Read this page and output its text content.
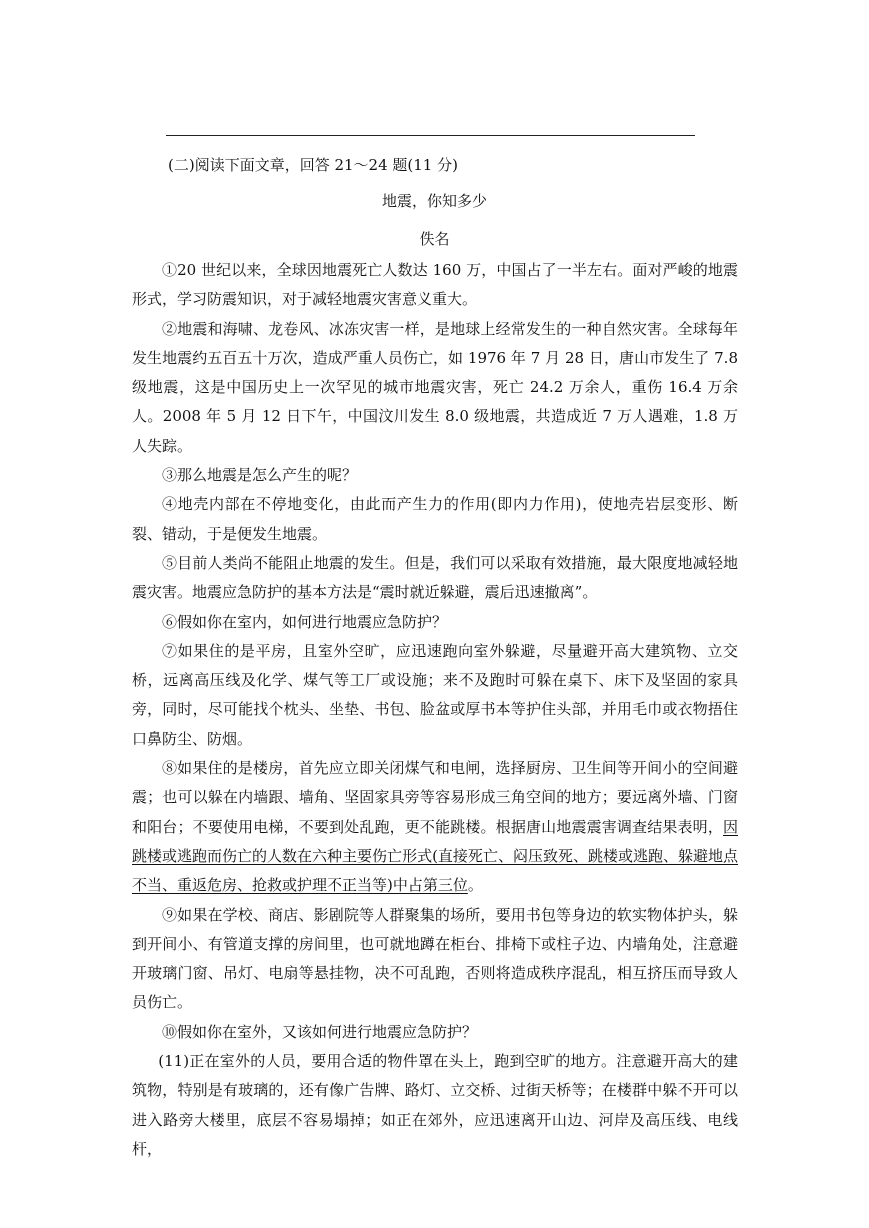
(二)阅读下面文章，回答 21～24 题(11 分)
地震，你知多少
佚名

①20 世纪以来，全球因地震死亡人数达 160 万，中国占了一半左右。面对严峻的地震形式，学习防震知识，对于减轻地震灾害意义重大。

②地震和海啸、龙卷风、冰冻灾害一样，是地球上经常发生的一种自然灾害。全球每年发生地震约五百五十万次，造成严重人员伤亡，如 1976 年 7 月 28 日，唐山市发生了 7.8 级地震，这是中国历史上一次罕见的城市地震灾害，死亡 24.2 万余人，重伤 16.4 万余人。2008 年 5 月 12 日下午，中国汶川发生 8.0 级地震，共造成近 7 万人遇难，1.8 万人失踪。

③那么地震是怎么产生的呢？

④地壳内部在不停地变化，由此而产生力的作用(即内力作用)，使地壳岩层变形、断裂、错动，于是便发生地震。

⑤目前人类尚不能阻止地震的发生。但是，我们可以采取有效措施，最大限度地减轻地震灾害。地震应急防护的基本方法是“震时就近躲避，震后迅速撤离”。

⑥假如你在室内，如何进行地震应急防护？

⑦如果住的是平房，且室外空旷，应迅速跑向室外躲避，尽量避开高大建筑物、立交桥，远离高压线及化学、煤气等工厂或设施；来不及跑时可躲在桌下、床下及坚固的家具旁，同时，尽可能找个枕头、坐垫、书包、脸盆或厚书本等护住头部，并用毛巾或衣物捂住口鼻防尘、防烟。

⑧如果住的是楼房，首先应立即关闭煤气和电闸，选择厨房、卫生间等开间小的空间避震；也可以躲在内墙跟、墙角、坚固家具旁等容易形成三角空间的地方；要远离外墙、门窗和阳台；不要使用电梯，不要到处乱跑，更不能跳楼。根据唐山地震震害调查结果表明，因跳楼或逃跑而伤亡的人数在六种主要伤亡形式(直接死亡、闷压致死、跳楼或逃跑、躲避地点不当、重返危房、抢救或护理不正当等)中占第三位。

⑨如果在学校、商店、影剧院等人群聚集的场所，要用书包等身边的软实物体护头，躲到开间小、有管道支撑的房间里，也可就地蹲在柜台、排椅下或柱子边、内墙角处，注意避开玻璃门窗、吊灯、电扇等悬挂物，决不可乱跑，否则将造成秩序混乱，相互挤压而导致人员伤亡。

⑩假如你在室外，又该如何进行地震应急防护？

(11)正在室外的人员，要用合适的物件罩在头上，跑到空旷的地方。注意避开高大的建筑物，特别是有玻璃的，还有像广告牌、路灯、立交桥、过街天桥等；在楼群中躲不开可以进入路旁大楼里，底层不容易塌掉；如正在郊外，应迅速离开山边、河岸及高压线、电线杆，
